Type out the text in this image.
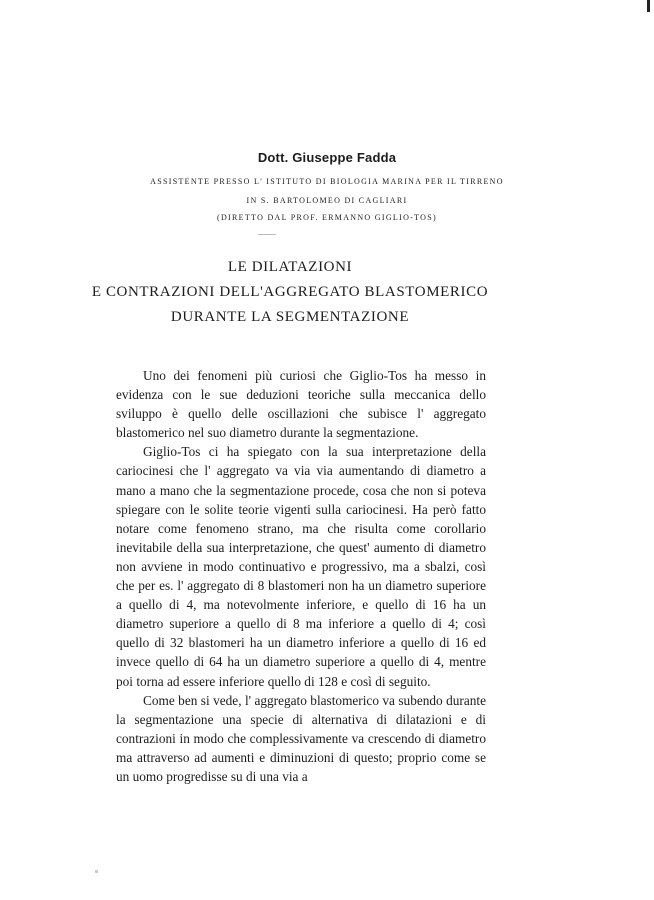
Dott. Giuseppe Fadda
ASSISTENTE PRESSO L' ISTITUTO DI BIOLOGIA MARINA PER IL TIRRENO
IN S. BARTOLOMEO DI CAGLIARI
(DIRETTO DAL PROF. ERMANNO GIGLIO-TOS)
LE DILATAZIONI
E CONTRAZIONI DELL'AGGREGATO BLASTOMERICO
DURANTE LA SEGMENTAZIONE

Uno dei fenomeni più curiosi che Giglio-Tos ha messo in evidenza con le sue deduzioni teoriche sulla meccanica dello sviluppo è quello delle oscillazioni che subisce l' aggregato blastomerico nel suo diametro durante la segmentazione.

Giglio-Tos ci ha spiegato con la sua interpretazione della cariocinesi che l' aggregato va via via aumentando di diametro a mano a mano che la segmentazione procede, cosa che non si poteva spiegare con le solite teorie vigenti sulla cariocinesi. Ha però fatto notare come fenomeno strano, ma che risulta come corollario inevitabile della sua interpretazione, che quest' aumento di diametro non avviene in modo continuativo e progressivo, ma a sbalzi, così che per es. l' aggregato di 8 blastomeri non ha un diametro superiore a quello di 4, ma notevolmente inferiore, e quello di 16 ha un diametro superiore a quello di 8 ma inferiore a quello di 4; così quello di 32 blastomeri ha un diametro inferiore a quello di 16 ed invece quello di 64 ha un diametro superiore a quello di 4, mentre poi torna ad essere inferiore quello di 128 e così di seguito.

Come ben si vede, l' aggregato blastomerico va subendo durante la segmentazione una specie di alternativa di dilatazioni e di contrazioni in modo che complessivamente va crescendo di diametro ma attraverso ad aumenti e diminuzioni di questo; proprio come se un uomo progredisse su di una via a
